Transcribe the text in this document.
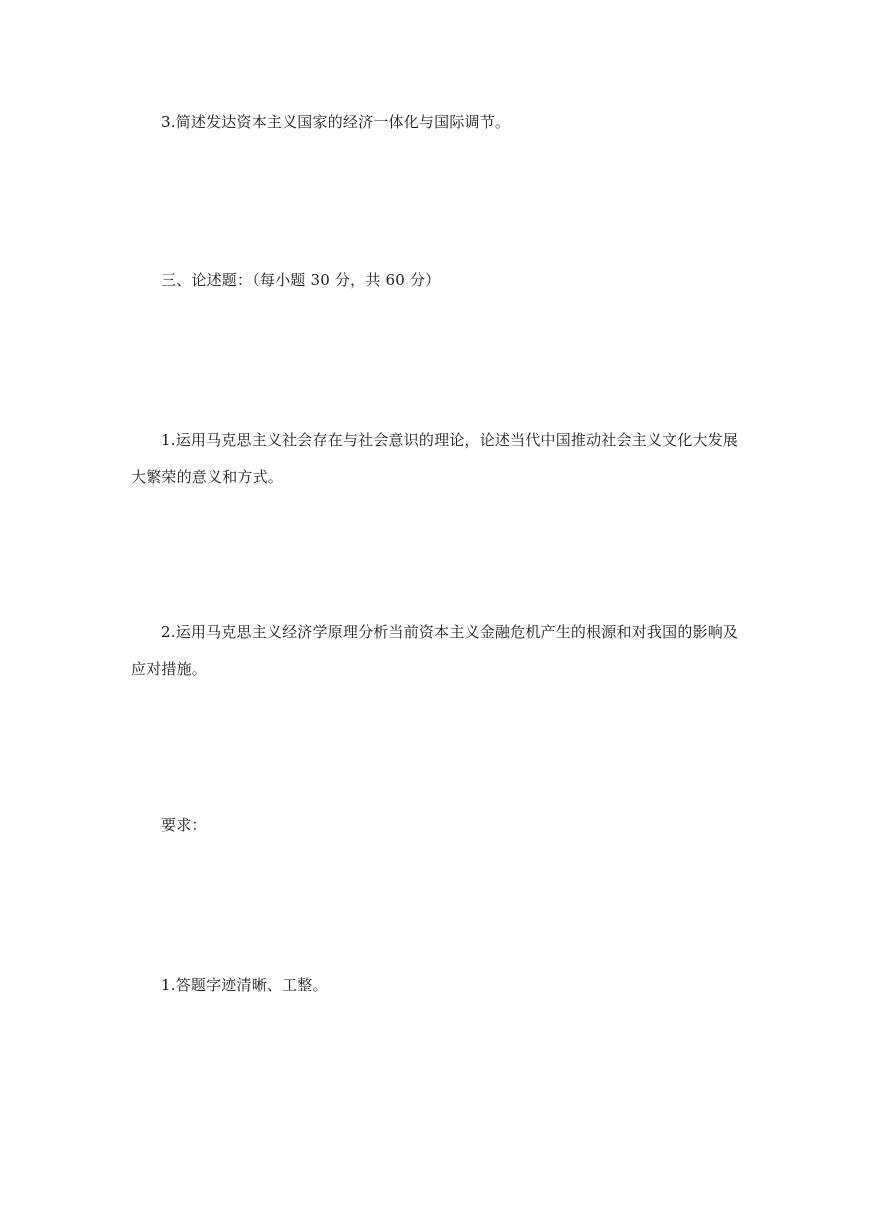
3.简述发达资本主义国家的经济一体化与国际调节。

三、论述题：（每小题 30 分，共 60 分）

1.运用马克思主义社会存在与社会意识的理论，论述当代中国推动社会主义文化大发展大繁荣的意义和方式。

2.运用马克思主义经济学原理分析当前资本主义金融危机产生的根源和对我国的影响及应对措施。

要求：

1.答题字迹清晰、工整。
